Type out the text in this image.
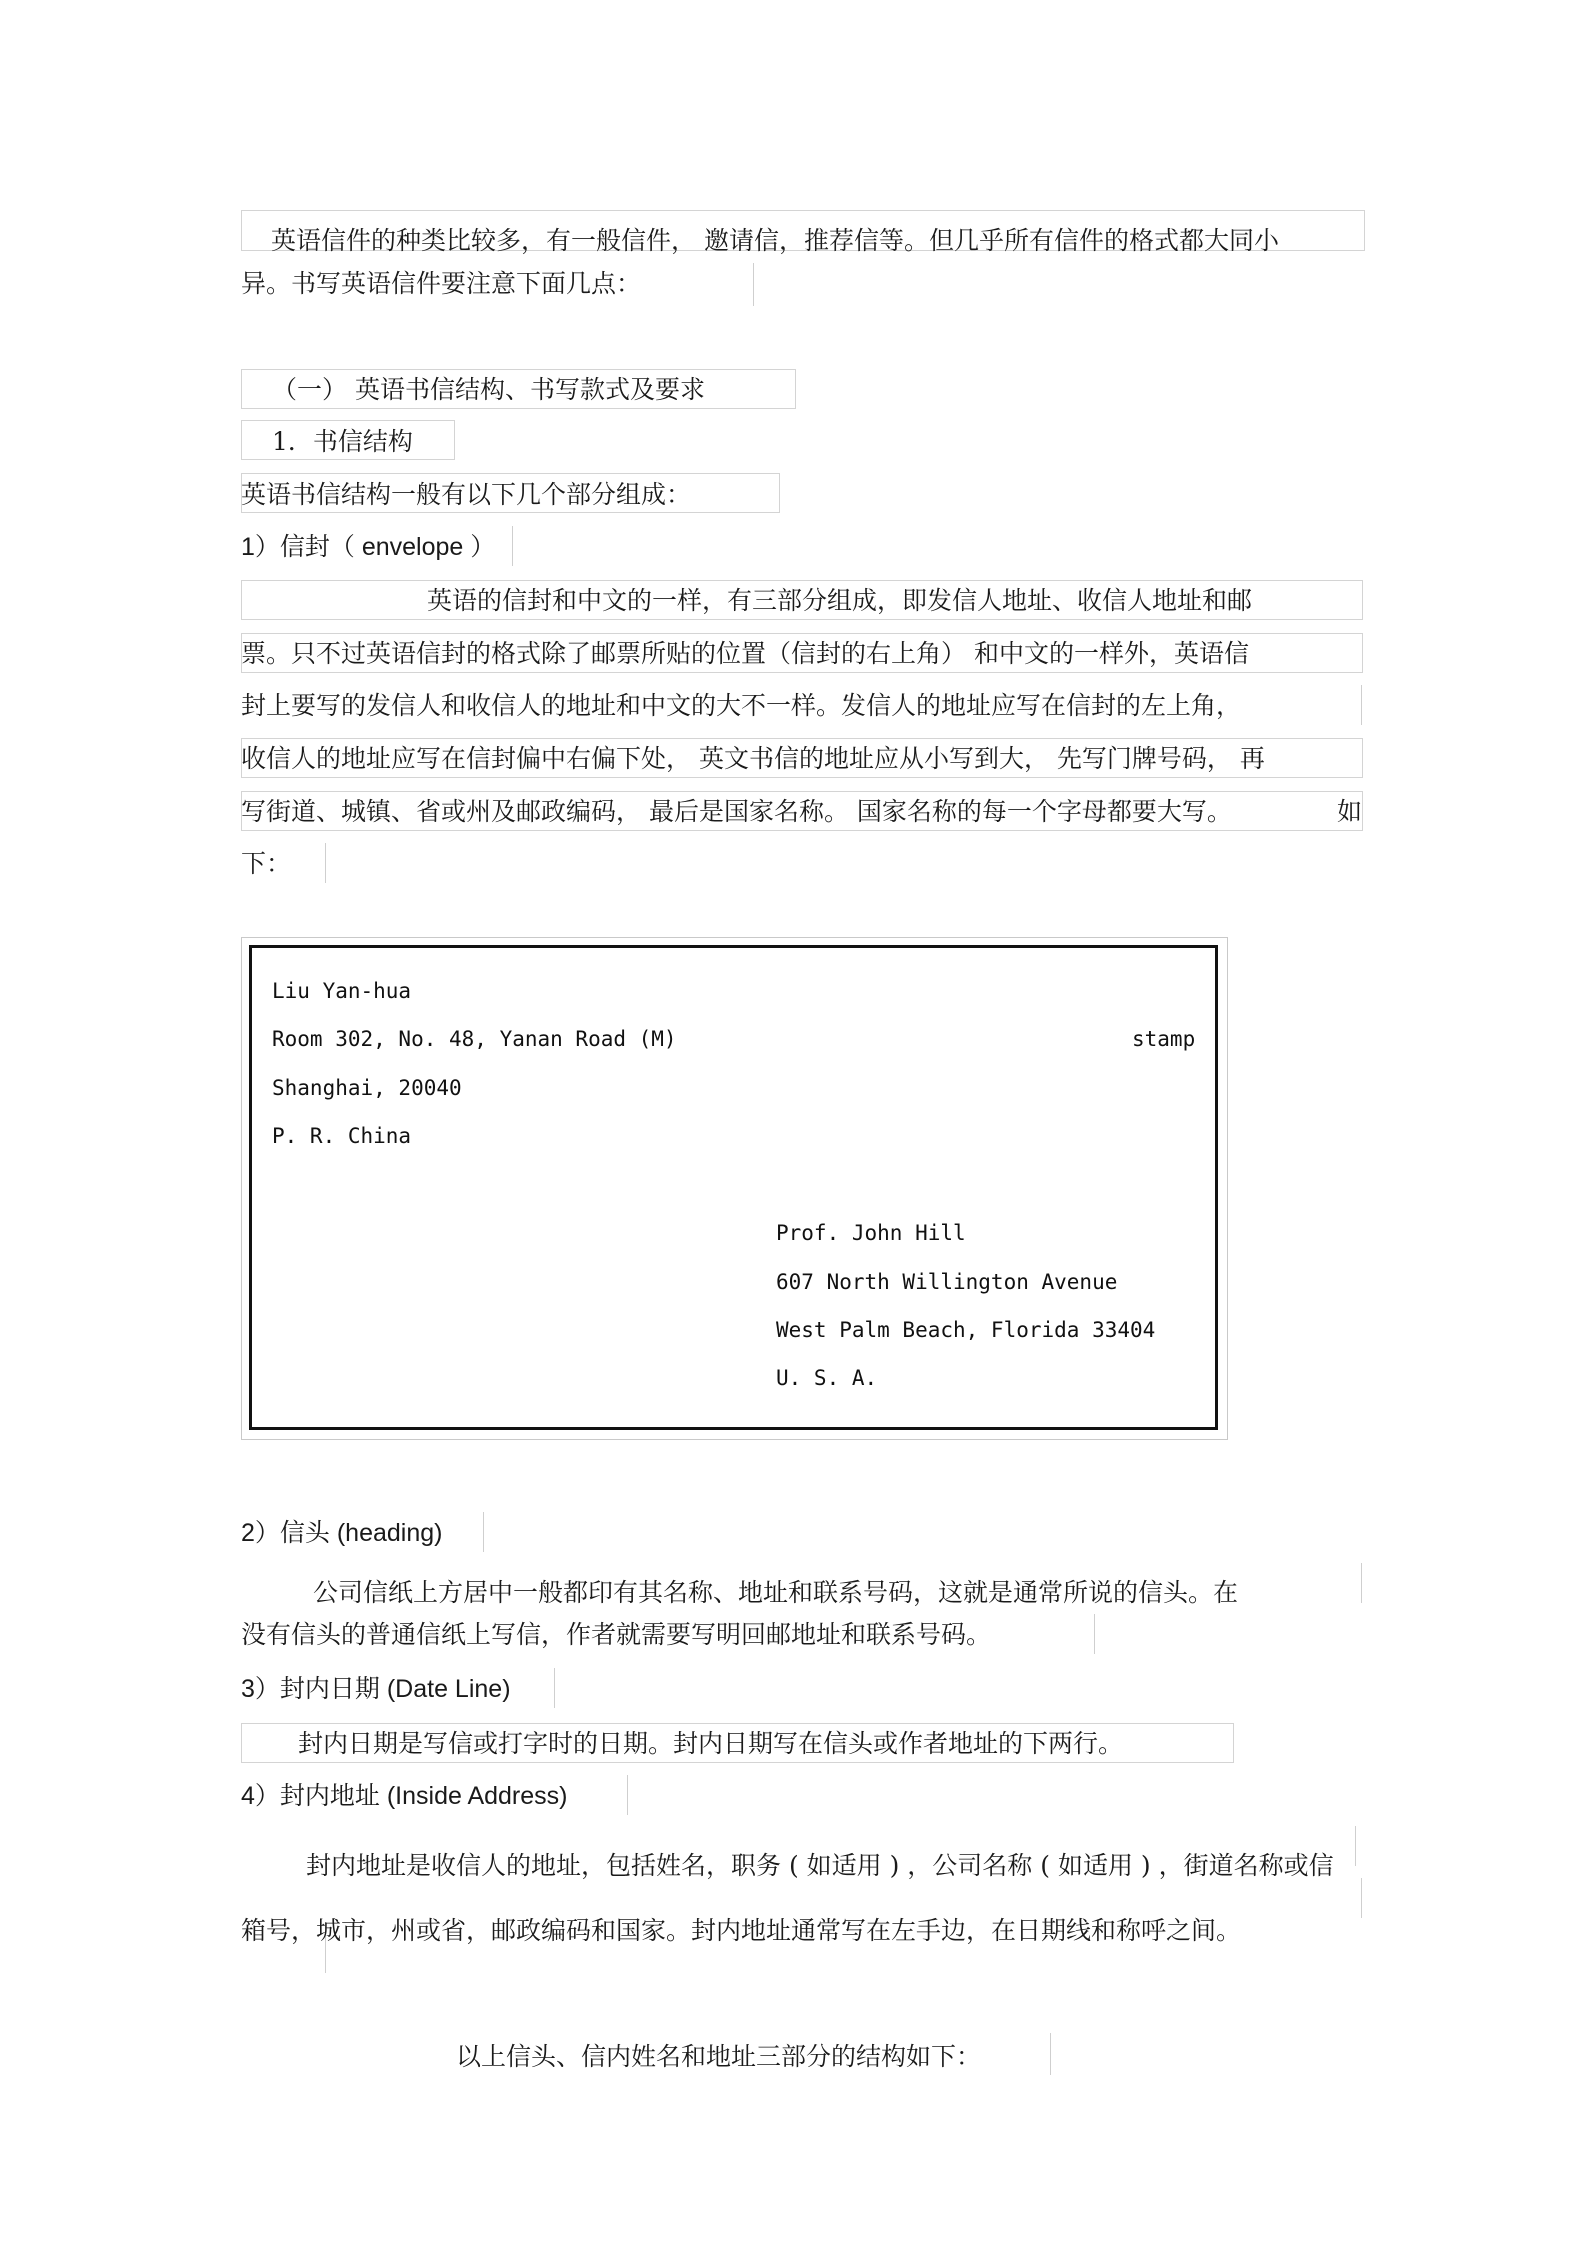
英语信件的种类比较多，有一般信件， 邀请信，推荐信等。但几乎所有信件的格式都大同小
异。书写英语信件要注意下面几点：
（一） 英语书信结构、书写款式及要求
1．书信结构
英语书信结构一般有以下几个部分组成：
1）信封（ envelope ）
英语的信封和中文的一样，有三部分组成，即发信人地址、收信人地址和邮
票。只不过英语信封的格式除了邮票所贴的位置（信封的右上角） 和中文的一样外，英语信
封上要写的发信人和收信人的地址和中文的大不一样。发信人的地址应写在信封的左上角，
收信人的地址应写在信封偏中右偏下处， 英文书信的地址应从小写到大， 先写门牌号码， 再
写街道、城镇、省或州及邮政编码， 最后是国家名称。 国家名称的每一个字母都要大写。	如
下：
Liu Yan-hua
Room 302, No. 48, Yanan Road (M)
Shanghai, 20040
P. R. China
stamp
Prof. John Hill
607 North Willington Avenue
West Palm Beach, Florida 33404
U. S. A.
2）信头 (heading)
公司信纸上方居中一般都印有其名称、地址和联系号码，这就是通常所说的信头。在
没有信头的普通信纸上写信，作者就需要写明回邮地址和联系号码。
3）封内日期 (Date Line)
封内日期是写信或打字时的日期。封内日期写在信头或作者地址的下两行。
4）封内地址 (Inside Address)
封内地址是收信人的地址，包括姓名，职务 ( 如适用 ) ，公司名称 ( 如适用 ) ，街道名称或信
箱号，城市，州或省，邮政编码和国家。封内地址通常写在左手边，在日期线和称呼之间。
以上信头、信内姓名和地址三部分的结构如下：
